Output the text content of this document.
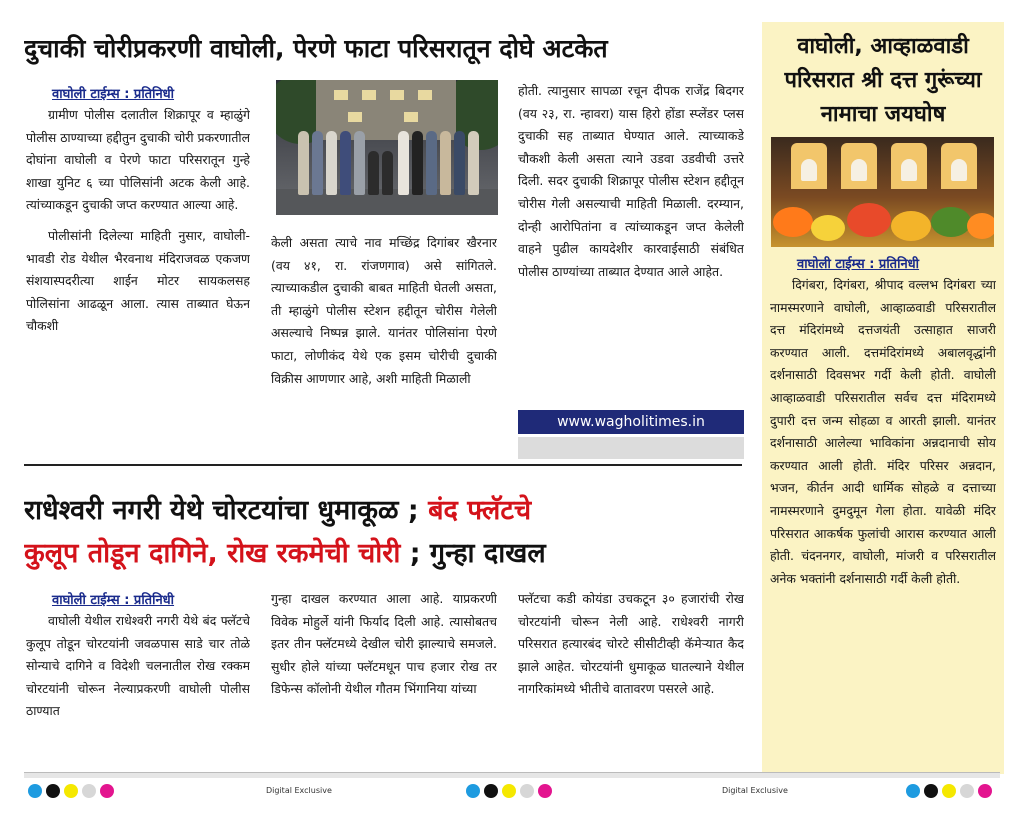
दुचाकी चोरीप्रकरणी वाघोली, पेरणे फाटा परिसरातून दोघे अटकेत
वाघोली टाईम्स : प्रतिनिधी

ग्रामीण पोलीस दलातील शिक्रापूर व म्हाळुंगे पोलीस ठाण्याच्या हद्दीतुन दुचाकी चोरी प्रकरणातील दोघांना वाघोली व पेरणे फाटा परिसरातून गुन्हे शाखा युनिट ६ च्या पोलिसांनी अटक केली आहे. त्यांच्याकडून दुचाकी जप्त करण्यात आल्या आहे.

पोलीसांनी दिलेल्या माहिती नुसार, वाघोली-भावडी रोड येथील भैरवनाथ मंदिराजवळ एकजण संशयास्पदरीत्या शाईन मोटर सायकलसह पोलिसांना आढळून आला. त्यास ताब्यात घेऊन चौकशी

केली असता त्याचे नाव मच्छिंद्र दिगांबर खैरनार (वय ४१, रा. रांजणगाव) असे सांगितले. त्याच्याकडील दुचाकी बाबत माहिती घेतली असता, ती म्हाळुंगे पोलीस स्टेशन हद्दीतून चोरीस गेलेली असल्याचे निष्पन्न झाले. यानंतर पोलिसांना पेरणे फाटा, लोणीकंद येथे एक इसम चोरीची दुचाकी विक्रीस आणणार आहे, अशी माहिती मिळाली
होती. त्यानुसार सापळा रचून दीपक राजेंद्र बिदगर (वय २३, रा. न्हावरा) यास हिरो होंडा स्प्लेंडर प्लस दुचाकी सह ताब्यात घेण्यात आले. त्याच्याकडे चौकशी केली असता त्याने उडवा उडवीची उत्तरे दिली. सदर दुचाकी शिक्रापूर पोलीस स्टेशन हद्दीतून चोरीस गेली असल्याची माहिती मिळाली. दरम्यान, दोन्ही आरोपितांना व त्यांच्याकडून जप्त केलेली वाहने पुढील कायदेशीर कारवाईसाठी संबंधित पोलीस ठाण्यांच्या ताब्यात देण्यात आले आहेत.
www.wagholitimes.in
राधेश्वरी नगरी येथे चोरटयांचा धुमाकूळ ; बंद फ्लॅटचे
कुलूप तोडून दागिने, रोख रकमेची चोरी ; गुन्हा दाखल
वाघोली टाईम्स : प्रतिनिधी
वाघोली येथील राधेश्वरी नगरी येथे बंद फ्लॅटचे कुलूप तोडून चोरटयांनी जवळपास साडे चार तोळे सोन्याचे दागिने व विदेशी चलनातील रोख रक्कम चोरटयांनी चोरून नेल्याप्रकरणी वाघोली पोलीस ठाण्यात
गुन्हा दाखल करण्यात आला आहे. याप्रकरणी विवेक मोहुर्ले यांनी फिर्याद दिली आहे. त्यासोबतच इतर तीन फ्लॅटमध्ये देखील चोरी झाल्याचे समजले. सुधीर होले यांच्या फ्लॅटमधून पाच हजार रोख तर डिफेन्स कॉलोनी येथील गौतम भिंगानिया यांच्या
फ्लॅटचा कडी कोयंडा उचकटून ३० हजारांची रोख चोरटयांनी चोरून नेली आहे. राधेश्वरी नागरी परिसरात हत्यारबंद चोरटे सीसीटीव्ही कॅमेऱ्यात कैद झाले आहेत. चोरटयांनी धुमाकूळ घातल्याने येथील नागरिकांमध्ये भीतीचे वातावरण पसरले आहे.
वाघोली, आव्हाळवाडी
परिसरात श्री दत्त गुरूंच्या
नामाचा जयघोष
वाघोली टाईम्स : प्रतिनिधी
दिगंबरा, दिगंबरा, श्रीपाद वल्लभ दिगंबरा च्या नामस्मरणाने वाघोली, आव्हाळवाडी परिसरातील दत्त मंदिरांमध्ये दत्तजयंती उत्साहात साजरी करण्यात आली. दत्तमंदिरांमध्ये अबालवृद्धांनी दर्शनासाठी दिवसभर गर्दी केली होती. वाघोली आव्हाळवाडी परिसरातील सर्वच दत्त मंदिरामध्ये दुपारी दत्त जन्म सोहळा व आरती झाली. यानंतर दर्शनासाठी आलेल्या भाविकांना अन्नदानाची सोय करण्यात आली होती. मंदिर परिसर अन्नदान, भजन, कीर्तन आदी धार्मिक सोहळे व दत्ताच्या नामस्मरणाने दुमदुमून गेला होता. यावेळी मंदिर परिसरात आकर्षक फुलांची आरास करण्यात आली होती. चंदननगर, वाघोली, मांजरी व परिसरातील अनेक भक्तांनी दर्शनासाठी गर्दी केली होती.
Digital Exclusive	Digital Exclusive
